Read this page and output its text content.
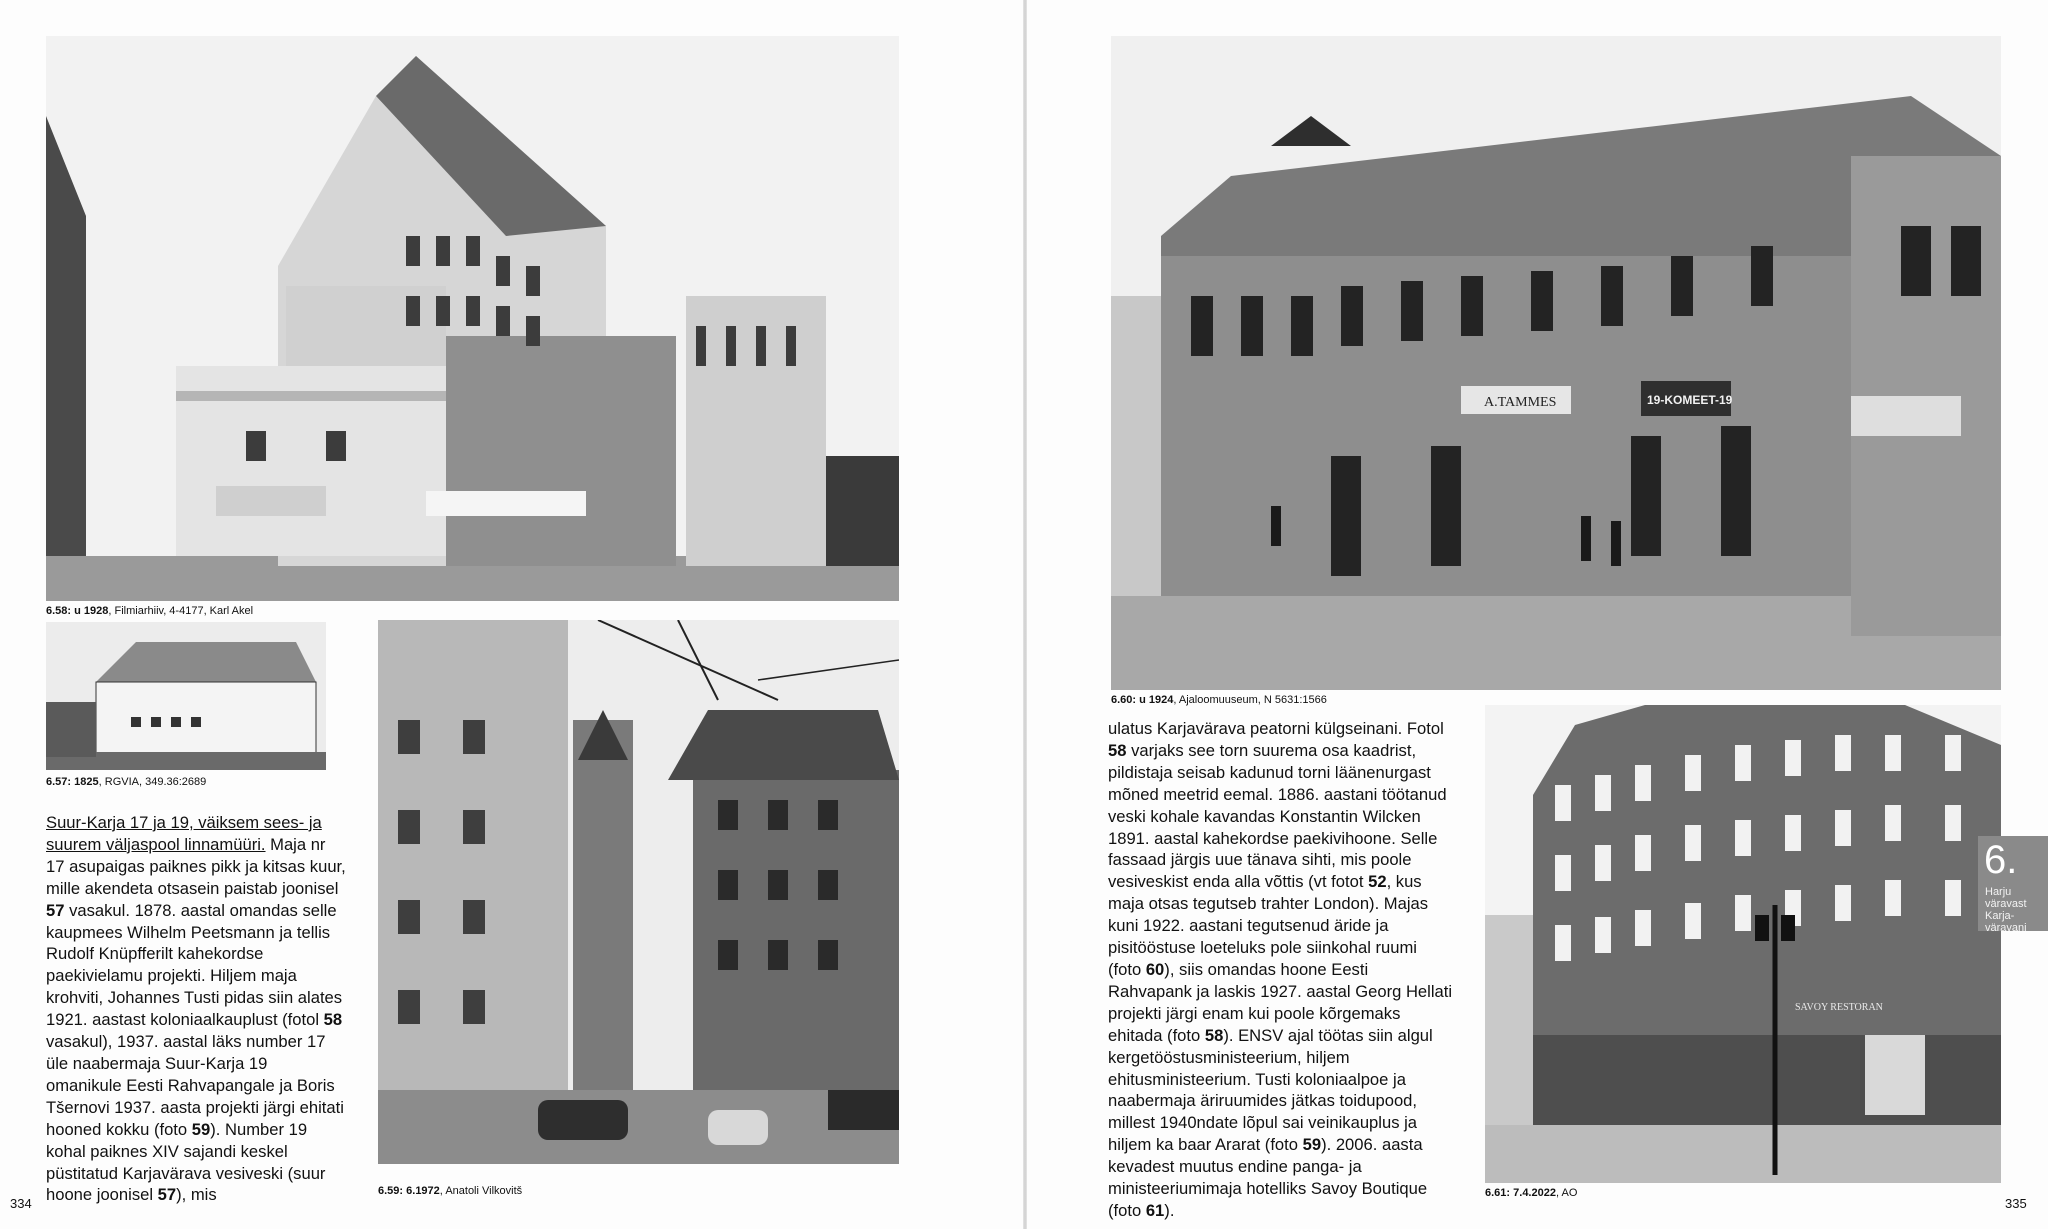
6.58: u 1928, Filmiarhiiv, 4-4177, Karl Akel
6.57: 1825, RGVIA, 349.36:2689
6.59: 6.1972, Anatoli Vilkovitš

Suur-Karja 17 ja 19, väiksem sees- ja suurem väljaspool linnamüüri. Maja nr 17 asupaigas paiknes pikk ja kitsas kuur, mille akendeta otsasein paistab joonisel 57 vasakul. 1878. aastal omandas selle kaupmees Wilhelm Peetsmann ja tellis Rudolf Knüpfferilt kahekordse paekivielamu projekti. Hiljem maja krohviti, Johannes Tusti pidas siin alates 1921. aastast koloniaalkauplust (fotol 58 vasakul), 1937. aastal läks number 17 üle naabermaja Suur-Karja 19 omanikule Eesti Rahvapangale ja Boris Tšernovi 1937. aasta projekti järgi ehitati hooned kokku (foto 59). Number 19 kohal paiknes XIV sajandi keskel püstitatud Karjavärava vesiveski (suur hoone joonisel 57), mis

334
A.TAMMES	19-KOMEET-19
6.60: u 1924, Ajaloomuuseum, N 5631:1566

ulatus Karjavärava peatorni külgseinani. Fotol 58 varjaks see torn suurema osa kaadrist, pildistaja seisab kadunud torni läänenurgast mõned meetrid eemal. 1886. aastani töötanud veski kohale kavandas Konstantin Wilcken 1891. aastal kahekordse paekivihoone. Selle fassaad järgis uue tänava sihti, mis poole vesiveskist enda alla võttis (vt fotot 52, kus maja otsas tegutseb trahter London). Majas kuni 1922. aastani tegutsenud äride ja pisitööstuse loeteluks pole siinkohal ruumi (foto 60), siis omandas hoone Eesti Rahvapank ja laskis 1927. aastal Georg Hellati projekti järgi enam kui poole kõrgemaks ehitada (foto 58). ENSV ajal töötas siin algul kergetööstusministeerium, hiljem ehitusministeerium. Tusti koloniaalpoe ja naabermaja äriruumides jätkas toidupood, millest 1940ndate lõpul sai veinikauplus ja hiljem ka baar Ararat (foto 59). 2006. aasta kevadest muutus endine panga- ja ministeeriumimaja hotelliks Savoy Boutique (foto 61).

SAVOY RESTORAN
6.61: 7.4.2022, AO
6.
Harju
väravast
Karja-
väravani
335
